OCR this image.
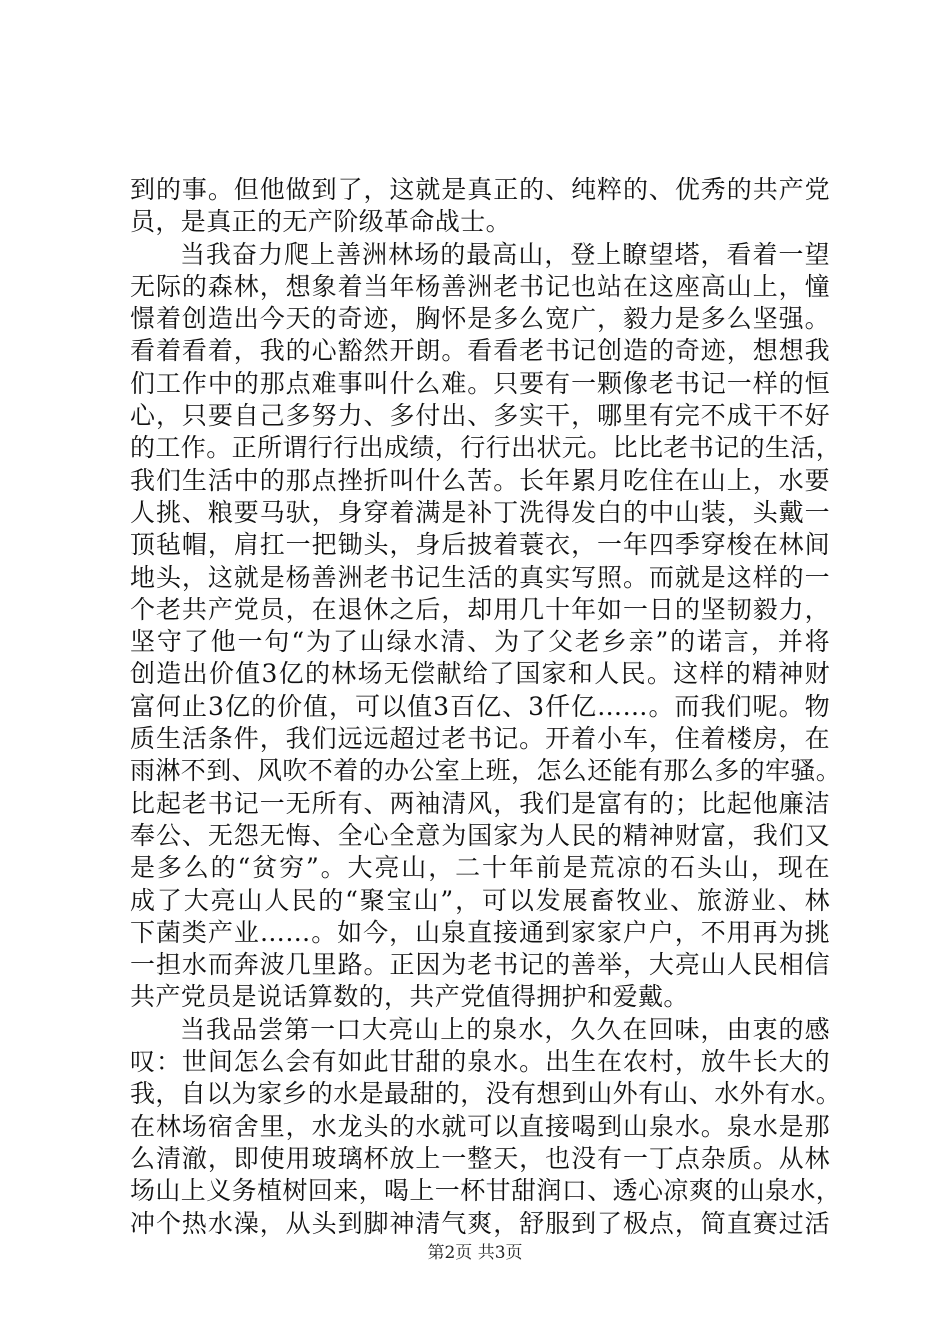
到的事。但他做到了，这就是真正的、纯粹的、优秀的共产党
员，是真正的无产阶级革命战士。
当我奋力爬上善洲林场的最高山，登上瞭望塔，看着一望
无际的森林，想象着当年杨善洲老书记也站在这座高山上，憧
憬着创造出今天的奇迹，胸怀是多么宽广，毅力是多么坚强。
看着看着，我的心豁然开朗。看看老书记创造的奇迹，想想我
们工作中的那点难事叫什么难。只要有一颗像老书记一样的恒
心，只要自己多努力、多付出、多实干，哪里有完不成干不好
的工作。正所谓行行出成绩，行行出状元。比比老书记的生活，
我们生活中的那点挫折叫什么苦。长年累月吃住在山上，水要
人挑、粮要马驮，身穿着满是补丁洗得发白的中山装，头戴一
顶毡帽，肩扛一把锄头，身后披着蓑衣，一年四季穿梭在林间
地头，这就是杨善洲老书记生活的真实写照。而就是这样的一
个老共产党员，在退休之后，却用几十年如一日的坚韧毅力，
坚守了他一句“为了山绿水清、为了父老乡亲”的诺言，并将
创造出价值3亿的林场无偿献给了国家和人民。这样的精神财
富何止3亿的价值，可以值3百亿、3仟亿……。而我们呢。物
质生活条件，我们远远超过老书记。开着小车，住着楼房，在
雨淋不到、风吹不着的办公室上班，怎么还能有那么多的牢骚。
比起老书记一无所有、两袖清风，我们是富有的；比起他廉洁
奉公、无怨无悔、全心全意为国家为人民的精神财富，我们又
是多么的“贫穷”。大亮山，二十年前是荒凉的石头山，现在
成了大亮山人民的“聚宝山”，可以发展畜牧业、旅游业、林
下菌类产业……。如今，山泉直接通到家家户户，不用再为挑
一担水而奔波几里路。正因为老书记的善举，大亮山人民相信
共产党员是说话算数的，共产党值得拥护和爱戴。
当我品尝第一口大亮山上的泉水，久久在回味，由衷的感
叹：世间怎么会有如此甘甜的泉水。出生在农村，放牛长大的
我，自以为家乡的水是最甜的，没有想到山外有山、水外有水。
在林场宿舍里，水龙头的水就可以直接喝到山泉水。泉水是那
么清澈，即使用玻璃杯放上一整天，也没有一丁点杂质。从林
场山上义务植树回来，喝上一杯甘甜润口、透心凉爽的山泉水，
冲个热水澡，从头到脚神清气爽，舒服到了极点，简直赛过活
第2页 共3页
